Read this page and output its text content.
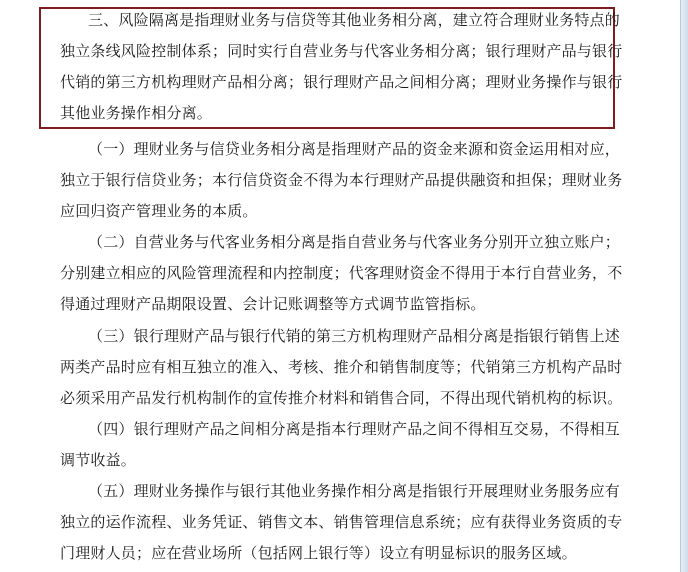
三、风险隔离是指理财业务与信贷等其他业务相分离，建立符合理财业务特点的
独立条线风险控制体系；同时实行自营业务与代客业务相分离；银行理财产品与银行
代销的第三方机构理财产品相分离；银行理财产品之间相分离；理财业务操作与银行
其他业务操作相分离。
（一）理财业务与信贷业务相分离是指理财产品的资金来源和资金运用相对应，
独立于银行信贷业务；本行信贷资金不得为本行理财产品提供融资和担保；理财业务
应回归资产管理业务的本质。
（二）自营业务与代客业务相分离是指自营业务与代客业务分别开立独立账户；
分别建立相应的风险管理流程和内控制度；代客理财资金不得用于本行自营业务，不
得通过理财产品期限设置、会计记账调整等方式调节监管指标。
（三）银行理财产品与银行代销的第三方机构理财产品相分离是指银行销售上述
两类产品时应有相互独立的准入、考核、推介和销售制度等；代销第三方机构产品时
必须采用产品发行机构制作的宣传推介材料和销售合同，不得出现代销机构的标识。
（四）银行理财产品之间相分离是指本行理财产品之间不得相互交易，不得相互
调节收益。
（五）理财业务操作与银行其他业务操作相分离是指银行开展理财业务服务应有
独立的运作流程、业务凭证、销售文本、销售管理信息系统；应有获得业务资质的专
门理财人员；应在营业场所（包括网上银行等）设立有明显标识的服务区域。
